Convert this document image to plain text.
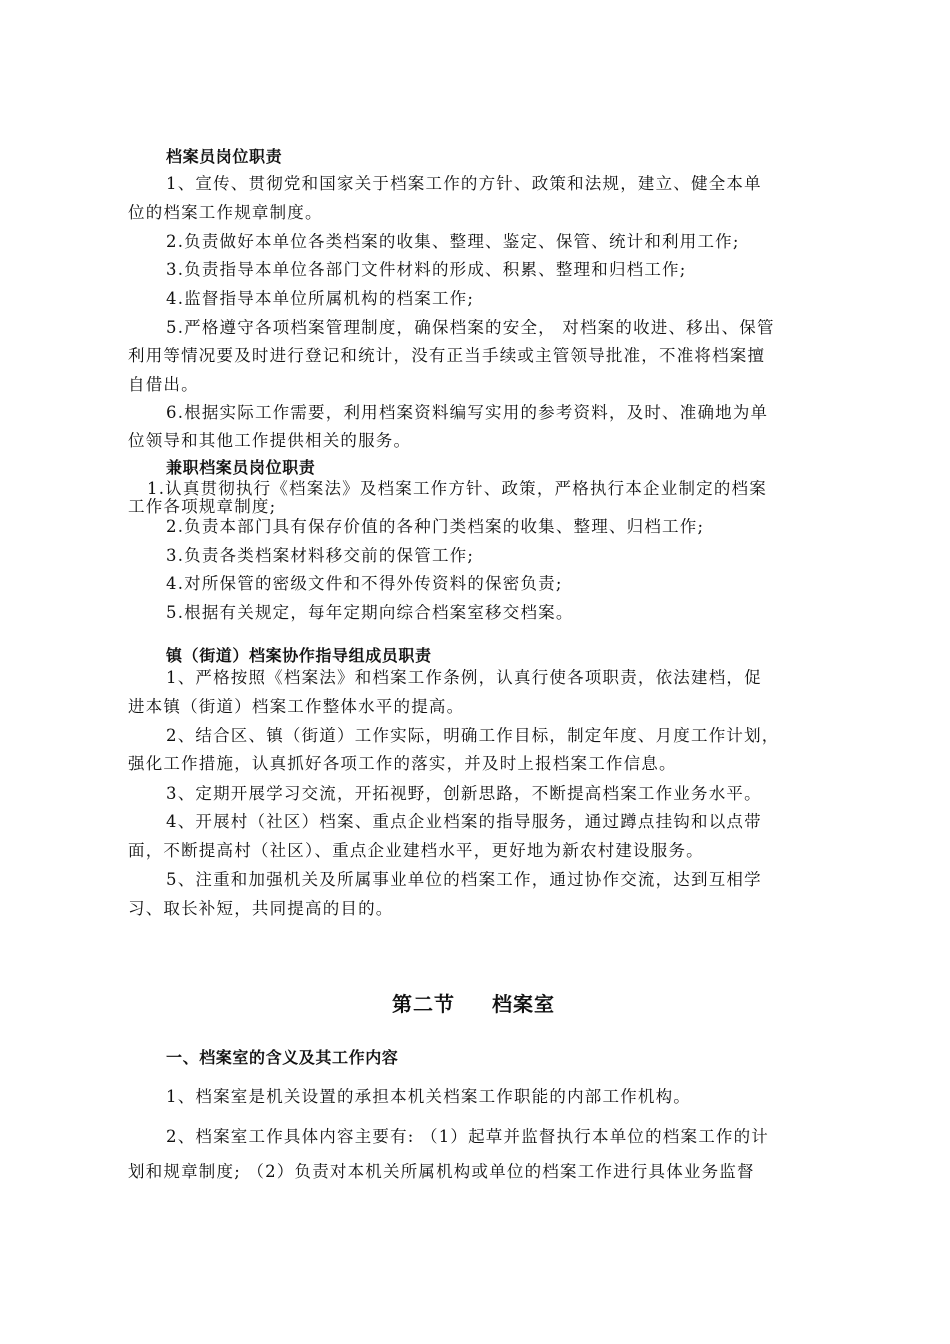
档案员岗位职责
1、宣传、贯彻党和国家关于档案工作的方针、政策和法规，建立、健全本单
位的档案工作规章制度。
2.负责做好本单位各类档案的收集、整理、鉴定、保管、统计和利用工作;
3.负责指导本单位各部门文件材料的形成、积累、整理和归档工作;
4.监督指导本单位所属机构的档案工作;
5.严格遵守各项档案管理制度，确保档案的安全， 对档案的收进、移出、保管
利用等情况要及时进行登记和统计，没有正当手续或主管领导批准，不准将档案擅
自借出。
6.根据实际工作需要，利用档案资料编写实用的参考资料，及时、准确地为单
位领导和其他工作提供相关的服务。
兼职档案员岗位职责
1.认真贯彻执行《档案法》及档案工作方针、政策，严格执行本企业制定的档案
工作各项规章制度;
2.负责本部门具有保存价值的各种门类档案的收集、整理、归档工作;
3.负责各类档案材料移交前的保管工作;
4.对所保管的密级文件和不得外传资料的保密负责;
5.根据有关规定，每年定期向综合档案室移交档案。
镇（街道）档案协作指导组成员职责
1、严格按照《档案法》和档案工作条例，认真行使各项职责，依法建档，促
进本镇（街道）档案工作整体水平的提高。
2、结合区、镇（街道）工作实际，明确工作目标，制定年度、月度工作计划，
强化工作措施，认真抓好各项工作的落实，并及时上报档案工作信息。
3、定期开展学习交流，开拓视野，创新思路，不断提高档案工作业务水平。
4、开展村（社区）档案、重点企业档案的指导服务，通过蹲点挂钩和以点带
面，不断提高村（社区）、重点企业建档水平，更好地为新农村建设服务。
5、注重和加强机关及所属事业单位的档案工作，通过协作交流，达到互相学
习、取长补短，共同提高的目的。
第二节 档案室
一、档案室的含义及其工作内容
1、档案室是机关设置的承担本机关档案工作职能的内部工作机构。
2、档案室工作具体内容主要有: （1）起草并监督执行本单位的档案工作的计
划和规章制度; （2）负责对本机关所属机构或单位的档案工作进行具体业务监督
